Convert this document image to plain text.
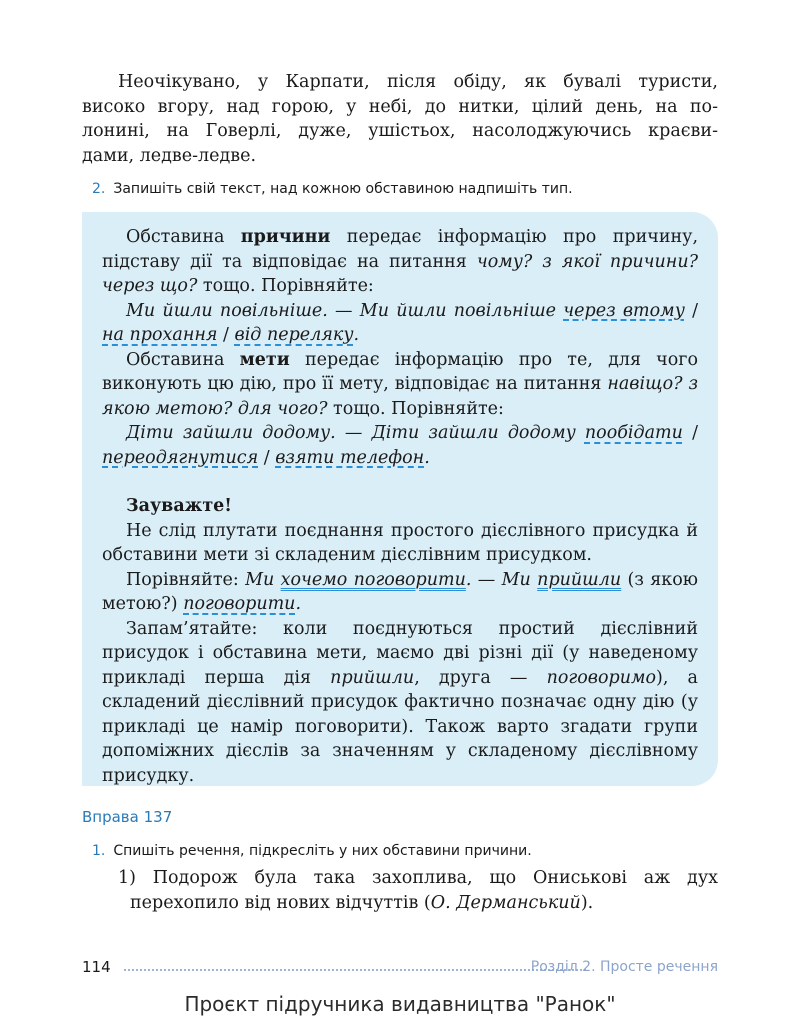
Неочікувано, у Карпати, після обіду, як бувалі туристи,
високо вгору, над горою, у небі, до нитки, цілий день, на по-
лонині, на Говерлі, дуже, ушістьох, насолоджуючись краєви-
дами, ледве-ледве.
2. Запишіть свій текст, над кожною обставиною надпишіть тип.

Обставина причини передає інформацію про причину, підставу дії та відповідає на питання чому? з якої причини? через що? тощо. Порівняйте:

Ми йшли повільніше. — Ми йшли повільніше через втому / на прохання / від переляку.

Обставина мети передає інформацію про те, для чого виконують цю дію, про її мету, відповідає на питання навіщо? з якою метою? для чого? тощо. Порівняйте:

Діти зайшли додому. — Діти зайшли додому пообідати / переодягнутися / взяти телефон.

Зауважте!

Не слід плутати поєднання простого дієслівного присудка й обставини мети зі складеним дієслівним присудком.

Порівняйте: Ми хочемо поговорити. — Ми прийшли (з якою метою?) поговорити.

Запам’ятайте: коли поєднуються простий дієслівний присудок і обставина мети, маємо дві різні дії (у наведеному прикладі перша дія прийшли, друга — поговоримо), а складений дієслівний присудок фактично позначає одну дію (у прикладі це намір поговорити). Також варто згадати групи допоміжних дієслів за значенням у складеному дієслівному присудку.

Вправа 137
1. Спишіть речення, підкресліть у них обставини причини.
1) Подорож була така захоплива, що Ониськові аж дух
перехопило від нових відчуттів (О. Дерманський).
114	Розділ 2. Просте речення
Проєкт підручника видавництва "Ранок"
